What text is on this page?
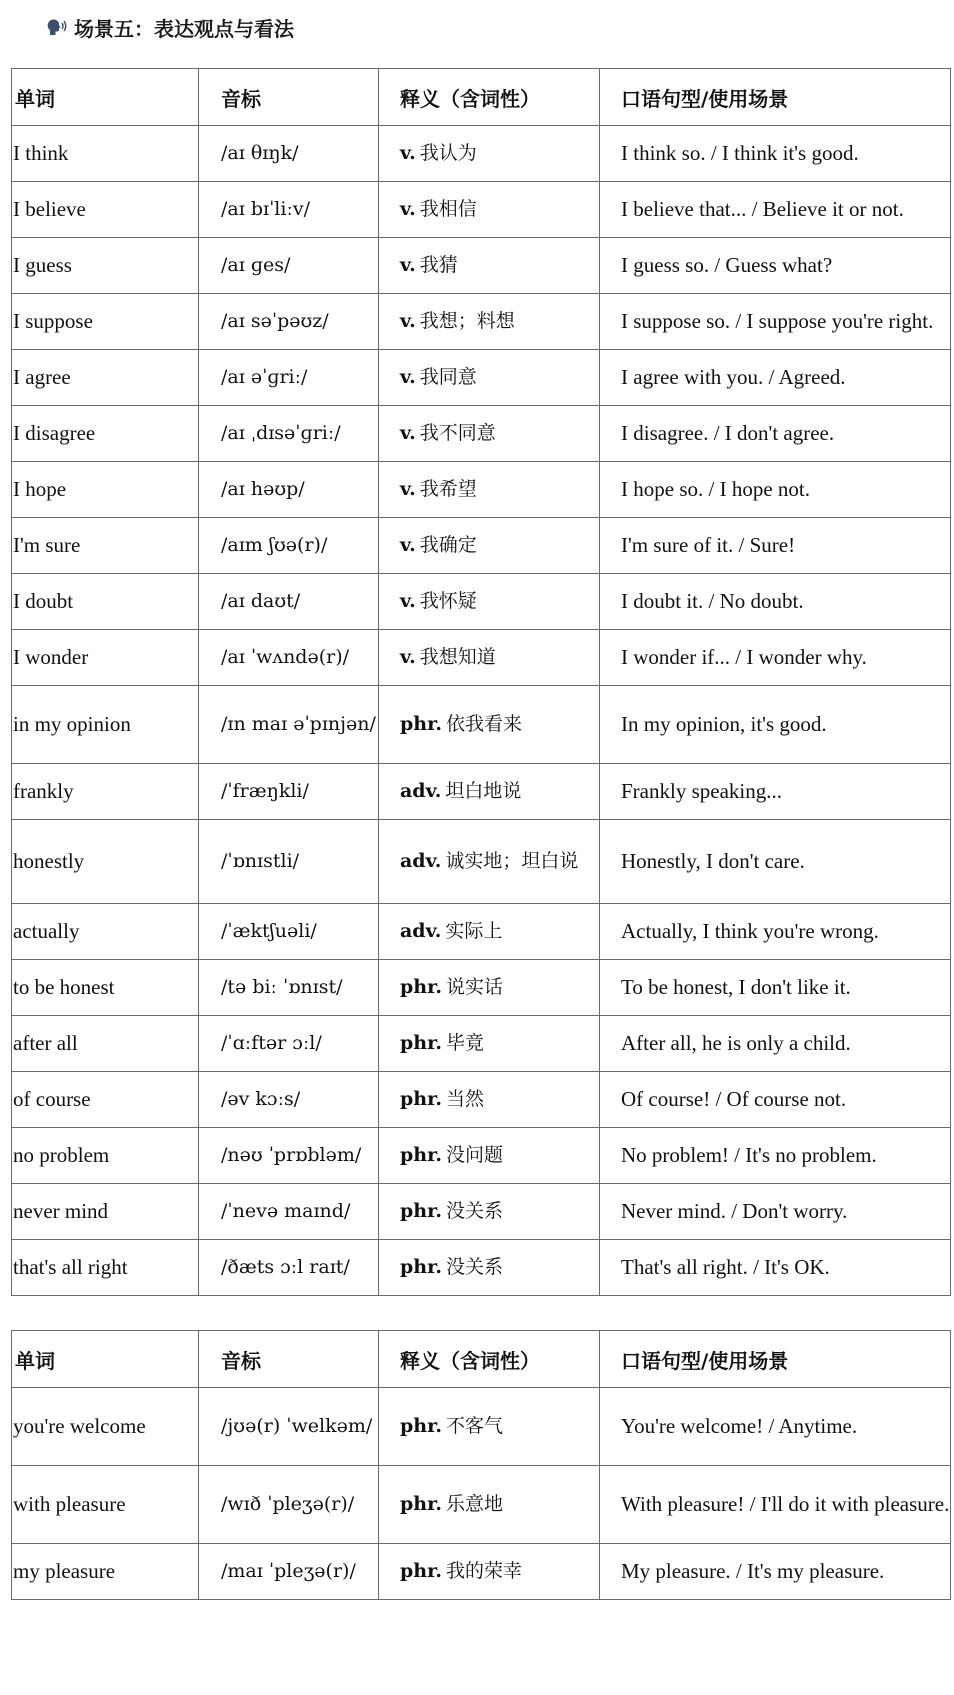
场景五：表达观点与看法
单词	音标	释义（含词性）	口语句型/使用场景
I think	/aɪ θɪŋk/	v. 我认为	I think so. / I think it's good.
I believe	/aɪ bɪˈliːv/	v. 我相信	I believe that... / Believe it or not.
I guess	/aɪ ɡes/	v. 我猜	I guess so. / Guess what?
I suppose	/aɪ səˈpəʊz/	v. 我想；料想	I suppose so. / I suppose you're right.
I agree	/aɪ əˈɡriː/	v. 我同意	I agree with you. / Agreed.
I disagree	/aɪ ˌdɪsəˈɡriː/	v. 我不同意	I disagree. / I don't agree.
I hope	/aɪ həʊp/	v. 我希望	I hope so. / I hope not.
I'm sure	/aɪm ʃʊə(r)/	v. 我确定	I'm sure of it. / Sure!
I doubt	/aɪ daʊt/	v. 我怀疑	I doubt it. / No doubt.
I wonder	/aɪ ˈwʌndə(r)/	v. 我想知道	I wonder if... / I wonder why.
in my opinion	/ɪn maɪ əˈpɪnjən/	phr. 依我看来	In my opinion, it's good.
frankly	/ˈfræŋkli/	adv. 坦白地说	Frankly speaking...
honestly	/ˈɒnɪstli/	adv. 诚实地；坦白说	Honestly, I don't care.
actually	/ˈæktʃuəli/	adv. 实际上	Actually, I think you're wrong.
to be honest	/tə biː ˈɒnɪst/	phr. 说实话	To be honest, I don't like it.
after all	/ˈɑːftər ɔːl/	phr. 毕竟	After all, he is only a child.
of course	/əv kɔːs/	phr. 当然	Of course! / Of course not.
no problem	/nəʊ ˈprɒbləm/	phr. 没问题	No problem! / It's no problem.
never mind	/ˈnevə maɪnd/	phr. 没关系	Never mind. / Don't worry.
that's all right	/ðæts ɔːl raɪt/	phr. 没关系	That's all right. / It's OK.
单词	音标	释义（含词性）	口语句型/使用场景
you're welcome	/jʊə(r) ˈwelkəm/	phr. 不客气	You're welcome! / Anytime.
with pleasure	/wɪð ˈpleʒə(r)/	phr. 乐意地	With pleasure! / I'll do it with pleasure.
my pleasure	/maɪ ˈpleʒə(r)/	phr. 我的荣幸	My pleasure. / It's my pleasure.
